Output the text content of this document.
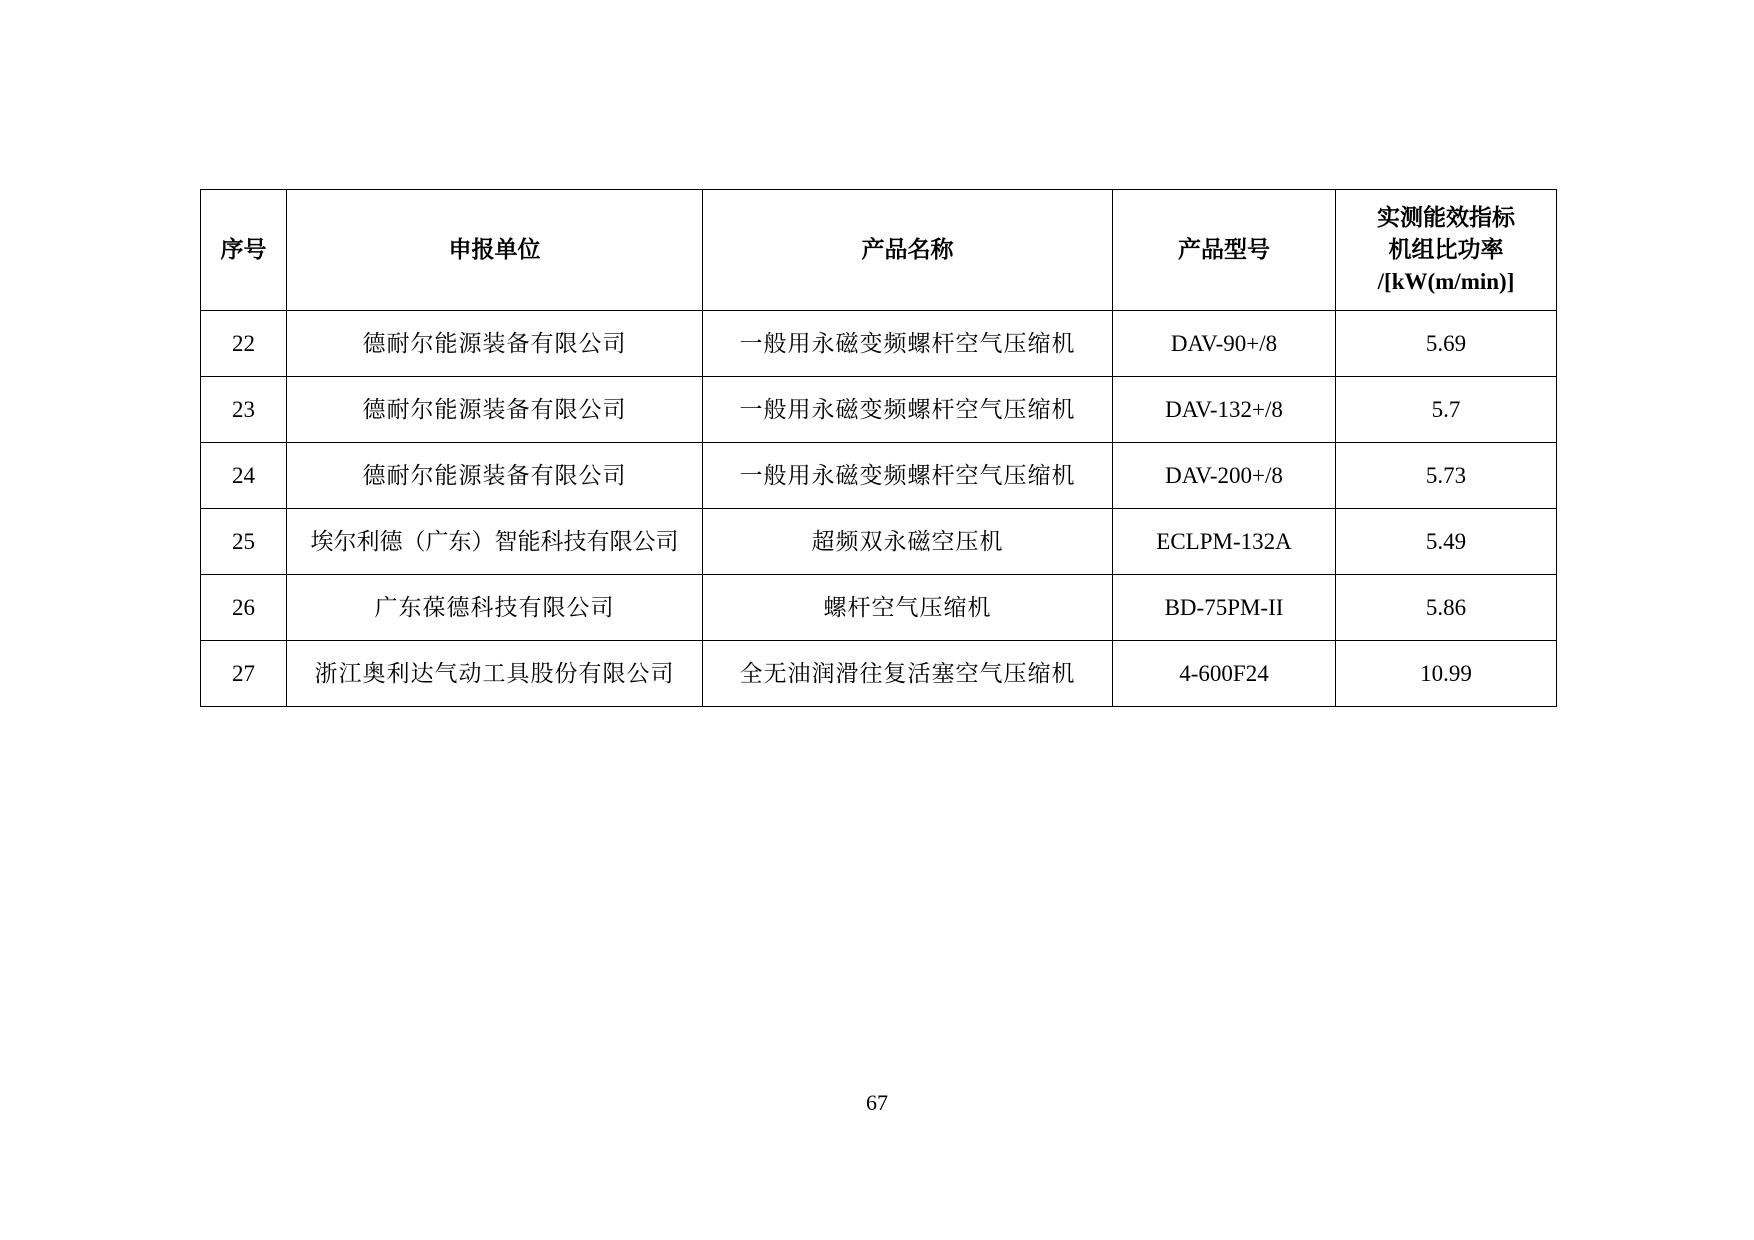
序号	申报单位	产品名称	产品型号	实测能效指标
机组比功率
/[kW(m/min)]

22	德耐尔能源装备有限公司	一般用永磁变频螺杆空气压缩机	DAV-90+/8	5.69
23	德耐尔能源装备有限公司	一般用永磁变频螺杆空气压缩机	DAV-132+/8	5.7
24	德耐尔能源装备有限公司	一般用永磁变频螺杆空气压缩机	DAV-200+/8	5.73
25	埃尔利德（广东）智能科技有限公司	超频双永磁空压机	ECLPM-132A	5.49
26	广东葆德科技有限公司	螺杆空气压缩机	BD-75PM-II	5.86
27	浙江奥利达气动工具股份有限公司	全无油润滑往复活塞空气压缩机	4-600F24	10.99
67
